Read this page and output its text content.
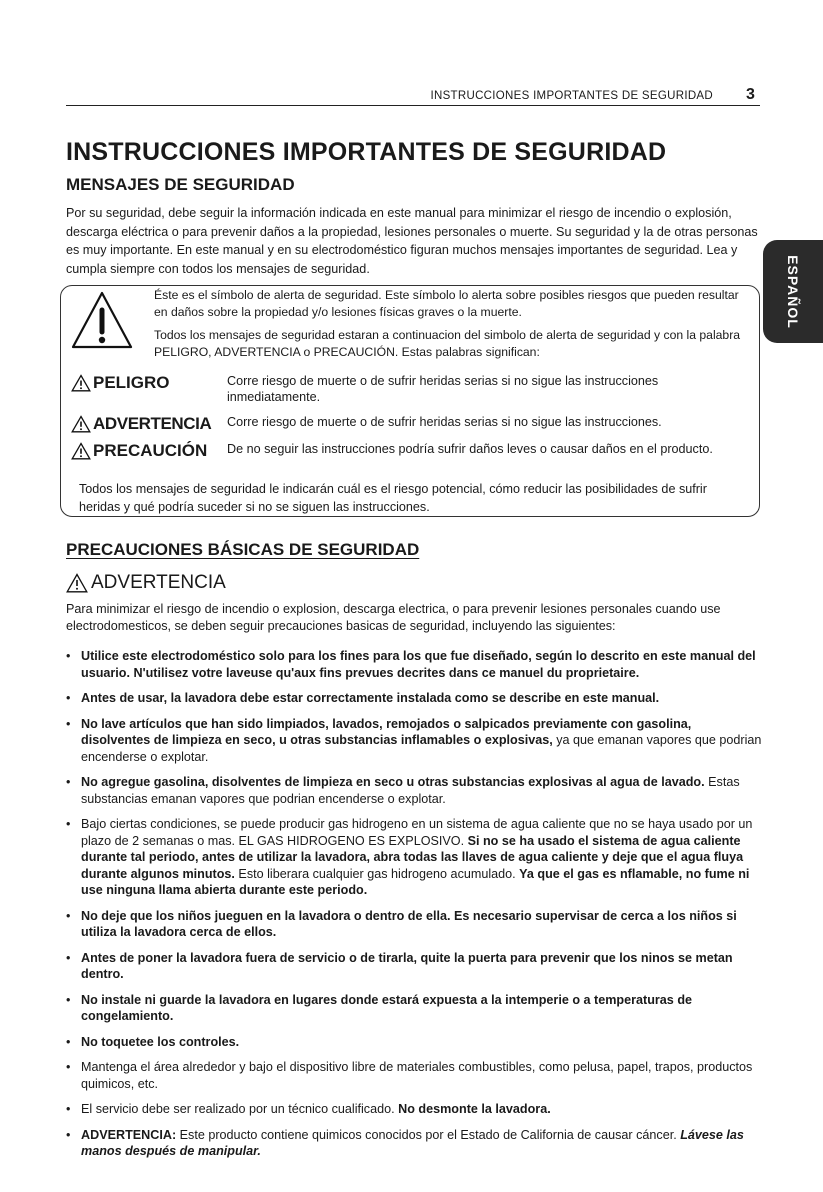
INSTRUCCIONES IMPORTANTES DE SEGURIDAD 3
ESPAÑOL
INSTRUCCIONES IMPORTANTES DE SEGURIDAD
MENSAJES DE SEGURIDAD

Por su seguridad, debe seguir la información indicada en este manual para minimizar el riesgo de incendio o explosión, descarga eléctrica o para prevenir daños a la propiedad, lesiones personales o muerte. Su seguridad y la de otras personas es muy importante. En este manual y en su electrodoméstico figuran muchos mensajes importantes de seguridad. Lea y cumpla siempre con todos los mensajes de seguridad.

Éste es el símbolo de alerta de seguridad. Este símbolo lo alerta sobre posibles riesgos que pueden resultar en daños sobre la propiedad y/o lesiones físicas graves o la muerte.

Todos los mensajes de seguridad estaran a continuacion del simbolo de alerta de seguridad y con la palabra PELIGRO, ADVERTENCIA o PRECAUCIÓN. Estas palabras significan:

PELIGRO	Corre riesgo de muerte o de sufrir heridas serias si no sigue las instrucciones inmediatamente.
ADVERTENCIA Corre riesgo de muerte o de sufrir heridas serias si no sigue las instrucciones.
PRECAUCIÓN De no seguir las instrucciones podría sufrir daños leves o causar daños en el producto.

Todos los mensajes de seguridad le indicarán cuál es el riesgo potencial, cómo reducir las posibilidades de sufrir heridas y qué podría suceder si no se siguen las instrucciones.

PRECAUCIONES BÁSICAS DE SEGURIDAD
ADVERTENCIA

Para minimizar el riesgo de incendio o explosion, descarga electrica, o para prevenir lesiones personales cuando use electrodomesticos, se deben seguir precauciones basicas de seguridad, incluyendo las siguientes:

• Utilice este electrodoméstico solo para los fines para los que fue diseñado, según lo descrito en este manual del usuario. N'utilisez votre laveuse qu'aux fins prevues decrites dans ce manuel du proprietaire.
• Antes de usar, la lavadora debe estar correctamente instalada como se describe en este manual.
• No lave artículos que han sido limpiados, lavados, remojados o salpicados previamente con gasolina, disolventes de limpieza en seco, u otras substancias inflamables o explosivas, ya que emanan vapores que podrian encenderse o explotar.
• No agregue gasolina, disolventes de limpieza en seco u otras substancias explosivas al agua de lavado. Estas substancias emanan vapores que podrian encenderse o explotar.
• Bajo ciertas condiciones, se puede producir gas hidrogeno en un sistema de agua caliente que no se haya usado por un plazo de 2 semanas o mas. EL GAS HIDROGENO ES EXPLOSIVO. Si no se ha usado el sistema de agua caliente durante tal periodo, antes de utilizar la lavadora, abra todas las llaves de agua caliente y deje que el agua fluya durante algunos minutos. Esto liberara cualquier gas hidrogeno acumulado. Ya que el gas es nflamable, no fume ni use ninguna llama abierta durante este periodo.
• No deje que los niños jueguen en la lavadora o dentro de ella. Es necesario supervisar de cerca a los niños si utiliza la lavadora cerca de ellos.
• Antes de poner la lavadora fuera de servicio o de tirarla, quite la puerta para prevenir que los ninos se metan dentro.
• No instale ni guarde la lavadora en lugares donde estará expuesta a la intemperie o a temperaturas de congelamiento.
• No toquetee los controles.
• Mantenga el área alrededor y bajo el dispositivo libre de materiales combustibles, como pelusa, papel, trapos, productos quimicos, etc.
• El servicio debe ser realizado por un técnico cualificado. No desmonte la lavadora.
• ADVERTENCIA: Este producto contiene quimicos conocidos por el Estado de California de causar cáncer. Lávese las manos después de manipular.
